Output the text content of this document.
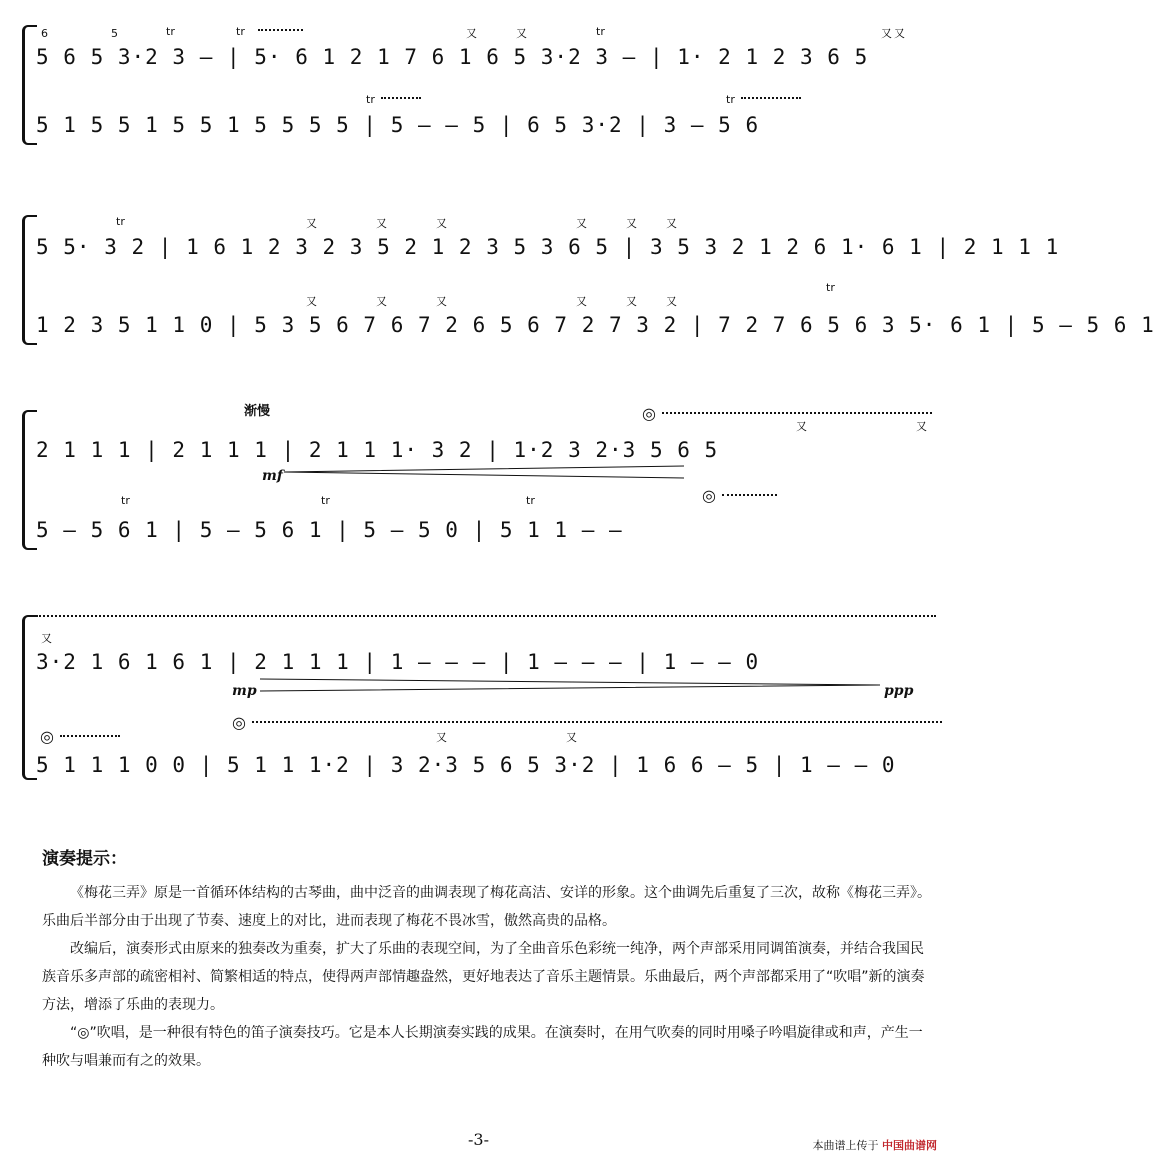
6	5	tr	tr	又	又	tr	又 又
5 6 5 3·2 3 – | 5· 6 1 2 1 7 6 1 6 5 3·2 3 – | 1· 2 1 2 3 6 5
tr	tr
5 1 5 5 1 5 5 1 5 5 5 5 | 5 – – 5 | 6 5 3·2 | 3 – 5 6
tr	又	又	又	又	又	又
5 5· 3 2 | 1 6 1 2 3 2 3 5 2 1 2 3 5 3 6 5 | 3 5 3 2 1 2 6 1· 6 1 | 2 1 1 1
又	又	又	又	又	又
tr
1 2 3 5 1 1 0 | 5 3 5 6 7 6 7 2 6 5 6 7 2 7 3 2 | 7 2 7 6 5 6 3 5· 6 1 | 5 – 5 6 1
渐慢	◎
又	又
2 1 1 1 | 2 1 1 1 | 2 1 1 1· 3 2 | 1·2 3 2·3 5 6 5
mf
◎
tr	tr	tr
5 – 5 6 1 | 5 – 5 6 1 | 5 – 5 0 | 5 1 1 – –
又
3·2 1 6 1 6 1 | 2 1 1 1 | 1 – – – | 1 – – – | 1 – – 0
mp	ppp
◎
◎
又	又
5 1 1 1 0 0 | 5 1 1 1·2 | 3 2·3 5 6 5 3·2 | 1 6 6 – 5 | 1 – – 0
演奏提示：

《梅花三弄》原是一首循环体结构的古琴曲，曲中泛音的曲调表现了梅花高洁、安详的形象。这个曲调先后重复了三次，故称《梅花三弄》。乐曲后半部分由于出现了节奏、速度上的对比，进而表现了梅花不畏冰雪，傲然高贵的品格。

改编后，演奏形式由原来的独奏改为重奏，扩大了乐曲的表现空间，为了全曲音乐色彩统一纯净，两个声部采用同调笛演奏，并结合我国民族音乐多声部的疏密相衬、简繁相适的特点，使得两声部情趣盎然，更好地表达了音乐主题情景。乐曲最后，两个声部都采用了“吹唱”新的演奏方法，增添了乐曲的表现力。

“◎”吹唱，是一种很有特色的笛子演奏技巧。它是本人长期演奏实践的成果。在演奏时，在用气吹奏的同时用嗓子吟唱旋律或和声，产生一种吹与唱兼而有之的效果。

-3-	本曲谱上传于 中国曲谱网
